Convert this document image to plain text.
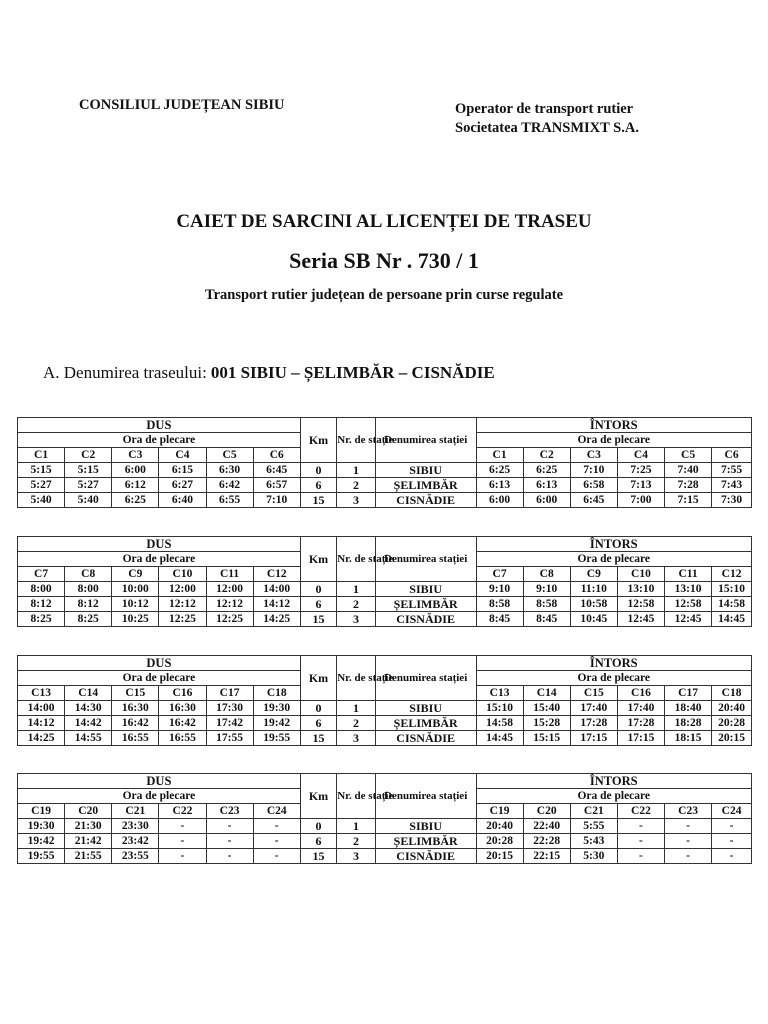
CONSILIUL JUDEȚEAN SIBIU	Operator de transport rutier
Societatea TRANSMIXT S.A.
CAIET DE SARCINI AL LICENȚEI DE TRASEU
Seria SB Nr . 730 / 1
Transport rutier județean de persoane prin curse regulate
A. Denumirea traseului: 001 SIBIU – ȘELIMBĂR – CISNĂDIE
DUS						Km	Nr. de stație	Denumirea stației	ÎNTORS					
Ora de plecare									Ora de plecare					
C1	C2	C3	C4	C5	C6				C1	C2	C3	C4	C5	C6
5:15	5:15	6:00	6:15	6:30	6:45	0	1	SIBIU	6:25	6:25	7:10	7:25	7:40	7:55
5:27	5:27	6:12	6:27	6:42	6:57	6	2	ȘELIMBĂR	6:13	6:13	6:58	7:13	7:28	7:43
5:40	5:40	6:25	6:40	6:55	7:10	15	3	CISNĂDIE	6:00	6:00	6:45	7:00	7:15	7:30
DUS						Km	Nr. de stație	Denumirea stației	ÎNTORS					
Ora de plecare									Ora de plecare					
C7	C8	C9	C10	C11	C12				C7	C8	C9	C10	C11	C12
8:00	8:00	10:00	12:00	12:00	14:00	0	1	SIBIU	9:10	9:10	11:10	13:10	13:10	15:10
8:12	8:12	10:12	12:12	12:12	14:12	6	2	ȘELIMBĂR	8:58	8:58	10:58	12:58	12:58	14:58
8:25	8:25	10:25	12:25	12:25	14:25	15	3	CISNĂDIE	8:45	8:45	10:45	12:45	12:45	14:45
DUS						Km	Nr. de stație	Denumirea stației	ÎNTORS					
Ora de plecare									Ora de plecare					
C13	C14	C15	C16	C17	C18				C13	C14	C15	C16	C17	C18
14:00	14:30	16:30	16:30	17:30	19:30	0	1	SIBIU	15:10	15:40	17:40	17:40	18:40	20:40
14:12	14:42	16:42	16:42	17:42	19:42	6	2	ȘELIMBĂR	14:58	15:28	17:28	17:28	18:28	20:28
14:25	14:55	16:55	16:55	17:55	19:55	15	3	CISNĂDIE	14:45	15:15	17:15	17:15	18:15	20:15
DUS						Km	Nr. de stație	Denumirea stației	ÎNTORS					
Ora de plecare									Ora de plecare					
C19	C20	C21	C22	C23	C24				C19	C20	C21	C22	C23	C24
19:30	21:30	23:30	-	-	-	0	1	SIBIU	20:40	22:40	5:55	-	-	-
19:42	21:42	23:42	-	-	-	6	2	ȘELIMBĂR	20:28	22:28	5:43	-	-	-
19:55	21:55	23:55	-	-	-	15	3	CISNĂDIE	20:15	22:15	5:30	-	-	-
